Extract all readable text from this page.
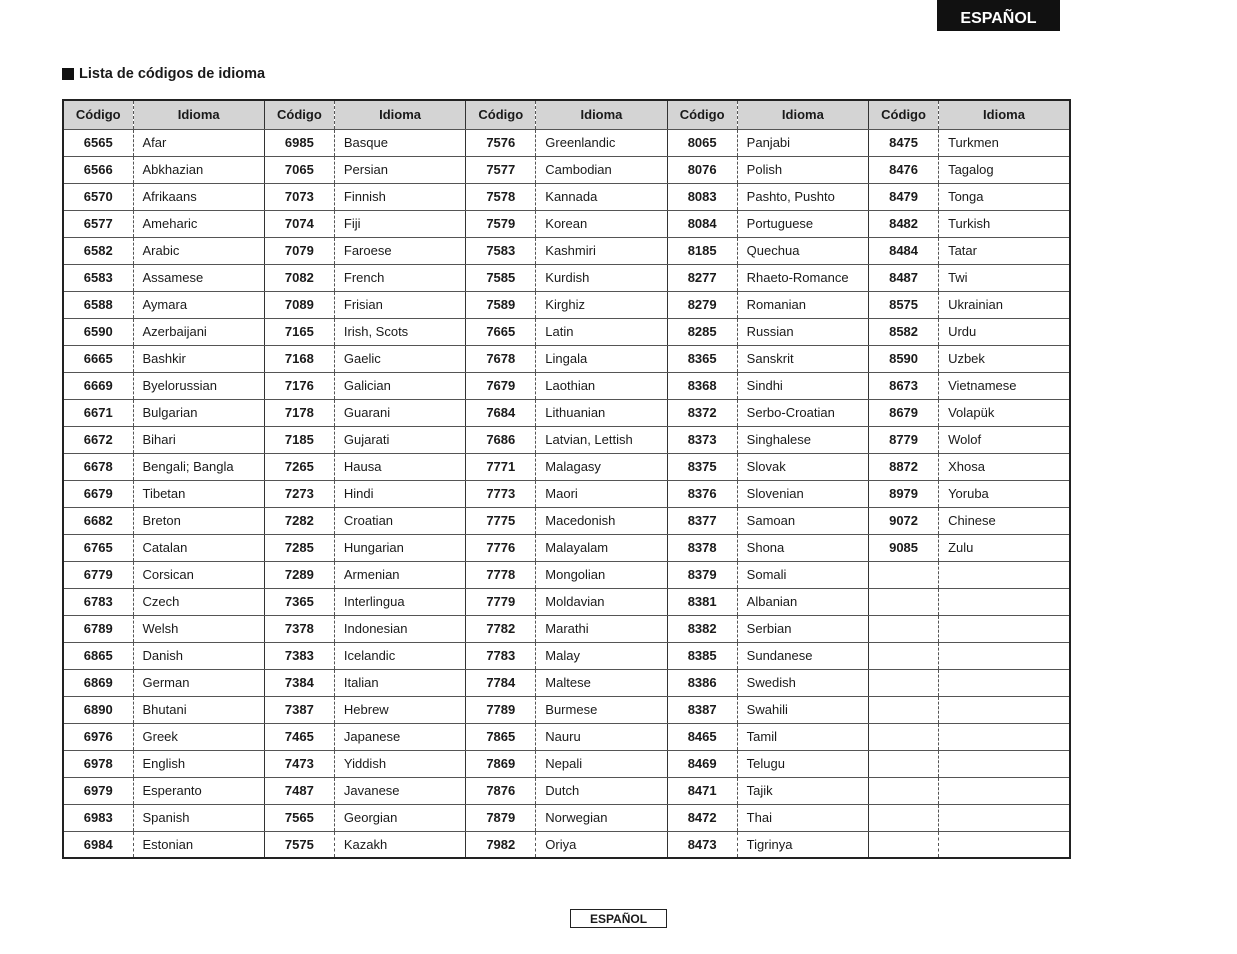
ESPAÑOL
Lista de códigos de idioma
Código	Idioma	Código	Idioma	Código	Idioma	Código	Idioma	Código	Idioma
6565	Afar	6985	Basque	7576	Greenlandic	8065	Panjabi	8475	Turkmen
6566	Abkhazian	7065	Persian	7577	Cambodian	8076	Polish	8476	Tagalog
6570	Afrikaans	7073	Finnish	7578	Kannada	8083	Pashto, Pushto	8479	Tonga
6577	Ameharic	7074	Fiji	7579	Korean	8084	Portuguese	8482	Turkish
6582	Arabic	7079	Faroese	7583	Kashmiri	8185	Quechua	8484	Tatar
6583	Assamese	7082	French	7585	Kurdish	8277	Rhaeto-Romance	8487	Twi
6588	Aymara	7089	Frisian	7589	Kirghiz	8279	Romanian	8575	Ukrainian
6590	Azerbaijani	7165	Irish, Scots	7665	Latin	8285	Russian	8582	Urdu
6665	Bashkir	7168	Gaelic	7678	Lingala	8365	Sanskrit	8590	Uzbek
6669	Byelorussian	7176	Galician	7679	Laothian	8368	Sindhi	8673	Vietnamese
6671	Bulgarian	7178	Guarani	7684	Lithuanian	8372	Serbo-Croatian	8679	Volapük
6672	Bihari	7185	Gujarati	7686	Latvian, Lettish	8373	Singhalese	8779	Wolof
6678	Bengali; Bangla	7265	Hausa	7771	Malagasy	8375	Slovak	8872	Xhosa
6679	Tibetan	7273	Hindi	7773	Maori	8376	Slovenian	8979	Yoruba
6682	Breton	7282	Croatian	7775	Macedonish	8377	Samoan	9072	Chinese
6765	Catalan	7285	Hungarian	7776	Malayalam	8378	Shona	9085	Zulu
6779	Corsican	7289	Armenian	7778	Mongolian	8379	Somali		
6783	Czech	7365	Interlingua	7779	Moldavian	8381	Albanian		
6789	Welsh	7378	Indonesian	7782	Marathi	8382	Serbian		
6865	Danish	7383	Icelandic	7783	Malay	8385	Sundanese		
6869	German	7384	Italian	7784	Maltese	8386	Swedish		
6890	Bhutani	7387	Hebrew	7789	Burmese	8387	Swahili		
6976	Greek	7465	Japanese	7865	Nauru	8465	Tamil		
6978	English	7473	Yiddish	7869	Nepali	8469	Telugu		
6979	Esperanto	7487	Javanese	7876	Dutch	8471	Tajik		
6983	Spanish	7565	Georgian	7879	Norwegian	8472	Thai		
6984	Estonian	7575	Kazakh	7982	Oriya	8473	Tigrinya		
ESPAÑOL
